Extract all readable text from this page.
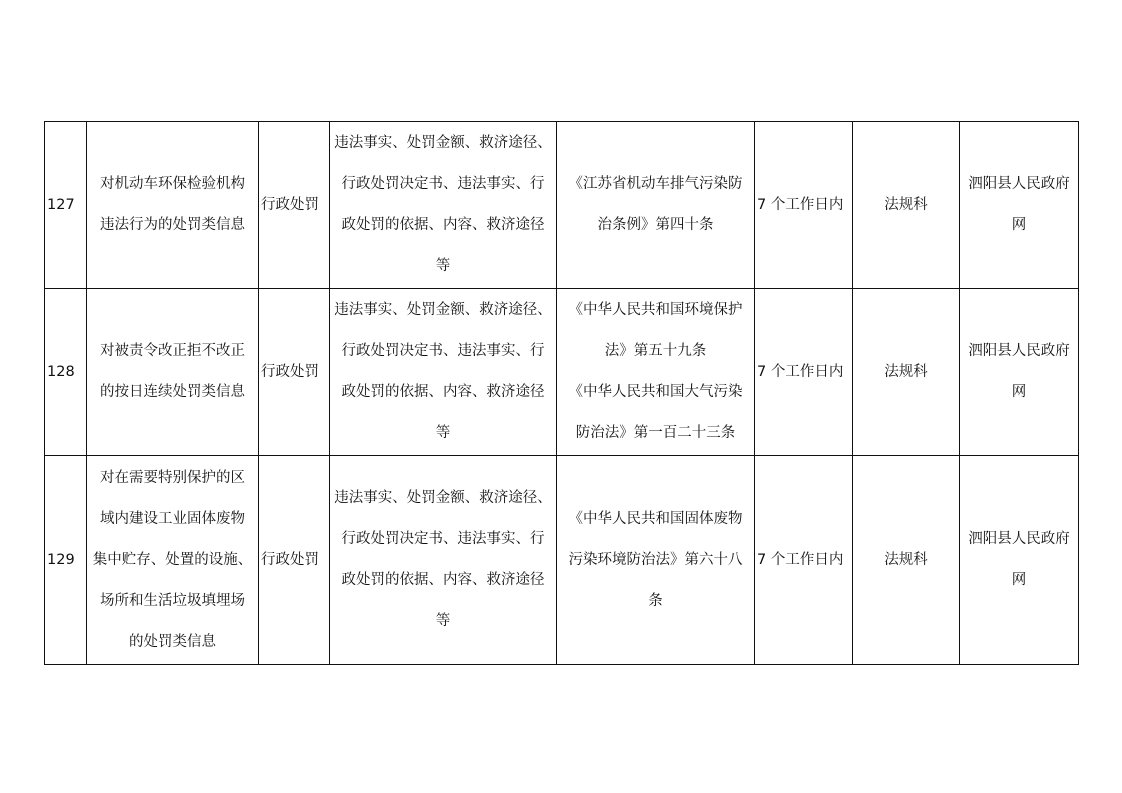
127	对机动车环保检验机构
违法行为的处罚类信息	行政处罚	违法事实、处罚金额、救济途径、
行政处罚决定书、违法事实、行
政处罚的依据、内容、救济途径
等	《江苏省机动车排气污染防
治条例》第四十条	7 个工作日内	法规科	泗阳县人民政府
网

128	对被责令改正拒不改正
的按日连续处罚类信息	行政处罚	违法事实、处罚金额、救济途径、
行政处罚决定书、违法事实、行
政处罚的依据、内容、救济途径
等	《中华人民共和国环境保护
法》第五十九条
《中华人民共和国大气污染
防治法》第一百二十三条	7 个工作日内	法规科	泗阳县人民政府
网

129	对在需要特别保护的区
域内建设工业固体废物
集中贮存、处置的设施、
场所和生活垃圾填埋场
的处罚类信息	行政处罚	违法事实、处罚金额、救济途径、
行政处罚决定书、违法事实、行
政处罚的依据、内容、救济途径
等	《中华人民共和国固体废物
污染环境防治法》第六十八
条	7 个工作日内	法规科	泗阳县人民政府
网
